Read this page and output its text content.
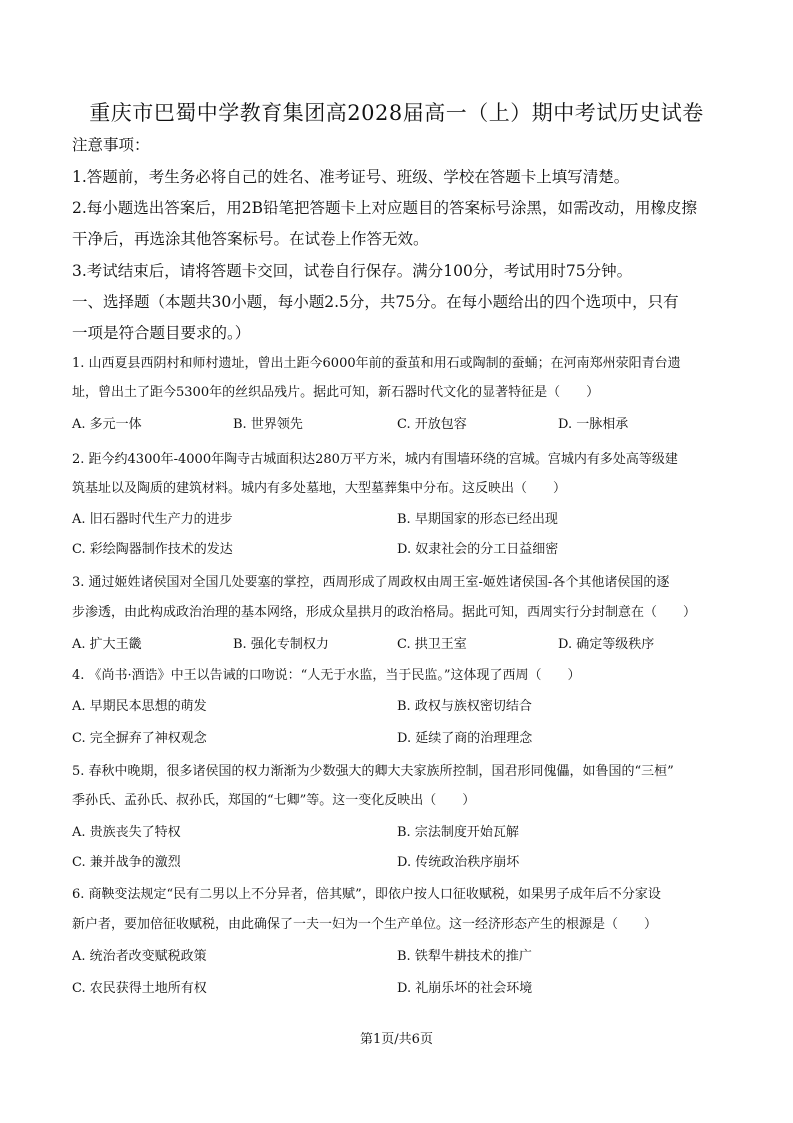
重庆市巴蜀中学教育集团高2028届高一（上）期中考试历史试卷
注意事项：
1.答题前，考生务必将自己的姓名、准考证号、班级、学校在答题卡上填写清楚。
2.每小题选出答案后，用2B铅笔把答题卡上对应题目的答案标号涂黑，如需改动，用橡皮擦
干净后，再选涂其他答案标号。在试卷上作答无效。
3.考试结束后，请将答题卡交回，试卷自行保存。满分100分，考试用时75分钟。
一、选择题（本题共30小题，每小题2.5分，共75分。在每小题给出的四个选项中，只有
一项是符合题目要求的。）
1. 山西夏县西阴村和师村遗址，曾出土距今6000年前的蚕茧和用石或陶制的蚕蛹；在河南郑州荥阳青台遗
址，曾出土了距今5300年的丝织品残片。据此可知，新石器时代文化的显著特征是（　　）
A. 多元一体	B. 世界领先	C. 开放包容	D. 一脉相承
2. 距今约4300年-4000年陶寺古城面积达280万平方米，城内有围墙环绕的宫城。宫城内有多处高等级建
筑基址以及陶质的建筑材料。城内有多处墓地，大型墓葬集中分布。这反映出（　　）
A. 旧石器时代生产力的进步	B. 早期国家的形态已经出现
C. 彩绘陶器制作技术的发达	D. 奴隶社会的分工日益细密
3. 通过姬姓诸侯国对全国几处要塞的掌控，西周形成了周政权由周王室-姬姓诸侯国-各个其他诸侯国的逐
步渗透，由此构成政治治理的基本网络，形成众星拱月的政治格局。据此可知，西周实行分封制意在（　　）
A. 扩大王畿	B. 强化专制权力	C. 拱卫王室	D. 确定等级秩序
4. 《尚书·酒诰》中王以告诫的口吻说：“人无于水监，当于民监。”这体现了西周（　　）
A. 早期民本思想的萌发	B. 政权与族权密切结合
C. 完全摒弃了神权观念	D. 延续了商的治理理念
5. 春秋中晚期，很多诸侯国的权力渐渐为少数强大的卿大夫家族所控制，国君形同傀儡，如鲁国的“三桓”
季孙氏、孟孙氏、叔孙氏，郑国的“七卿”等。这一变化反映出（　　）
A. 贵族丧失了特权	B. 宗法制度开始瓦解
C. 兼并战争的激烈	D. 传统政治秩序崩坏
6. 商鞅变法规定“民有二男以上不分异者，倍其赋”，即依户按人口征收赋税，如果男子成年后不分家设
新户者，要加倍征收赋税，由此确保了一夫一妇为一个生产单位。这一经济形态产生的根源是（　　）
A. 统治者改变赋税政策	B. 铁犁牛耕技术的推广
C. 农民获得土地所有权	D. 礼崩乐坏的社会环境
第1页/共6页
